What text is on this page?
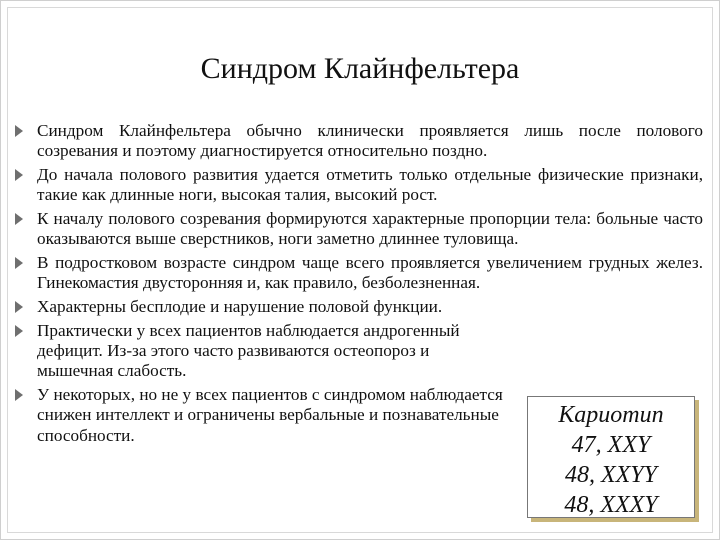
Синдром Клайнфельтера
Синдром Клайнфельтера обычно клинически проявляется лишь после полового созревания и поэтому диагностируется относительно поздно.
До начала полового развития удается отметить только отдельные физические признаки, такие как длинные ноги, высокая талия, высокий рост.
К началу полового созревания формируются характерные пропорции тела: больные часто оказываются выше сверстников, ноги заметно длиннее туловища.
В подростковом возрасте синдром чаще всего проявляется увеличением грудных желез. Гинекомастия двусторонняя и, как правило, безболезненная.
Характерны бесплодие и нарушение половой функции.
Практически у всех пациентов наблюдается андрогенный дефицит. Из-за этого часто развиваются остеопороз и мышечная слабость.
У некоторых, но не у всех пациентов с синдромом наблюдается снижен интеллект и ограничены вербальные и познавательные способности.
Кариотип
47, XXY
48, XXYY
48, XXXY
